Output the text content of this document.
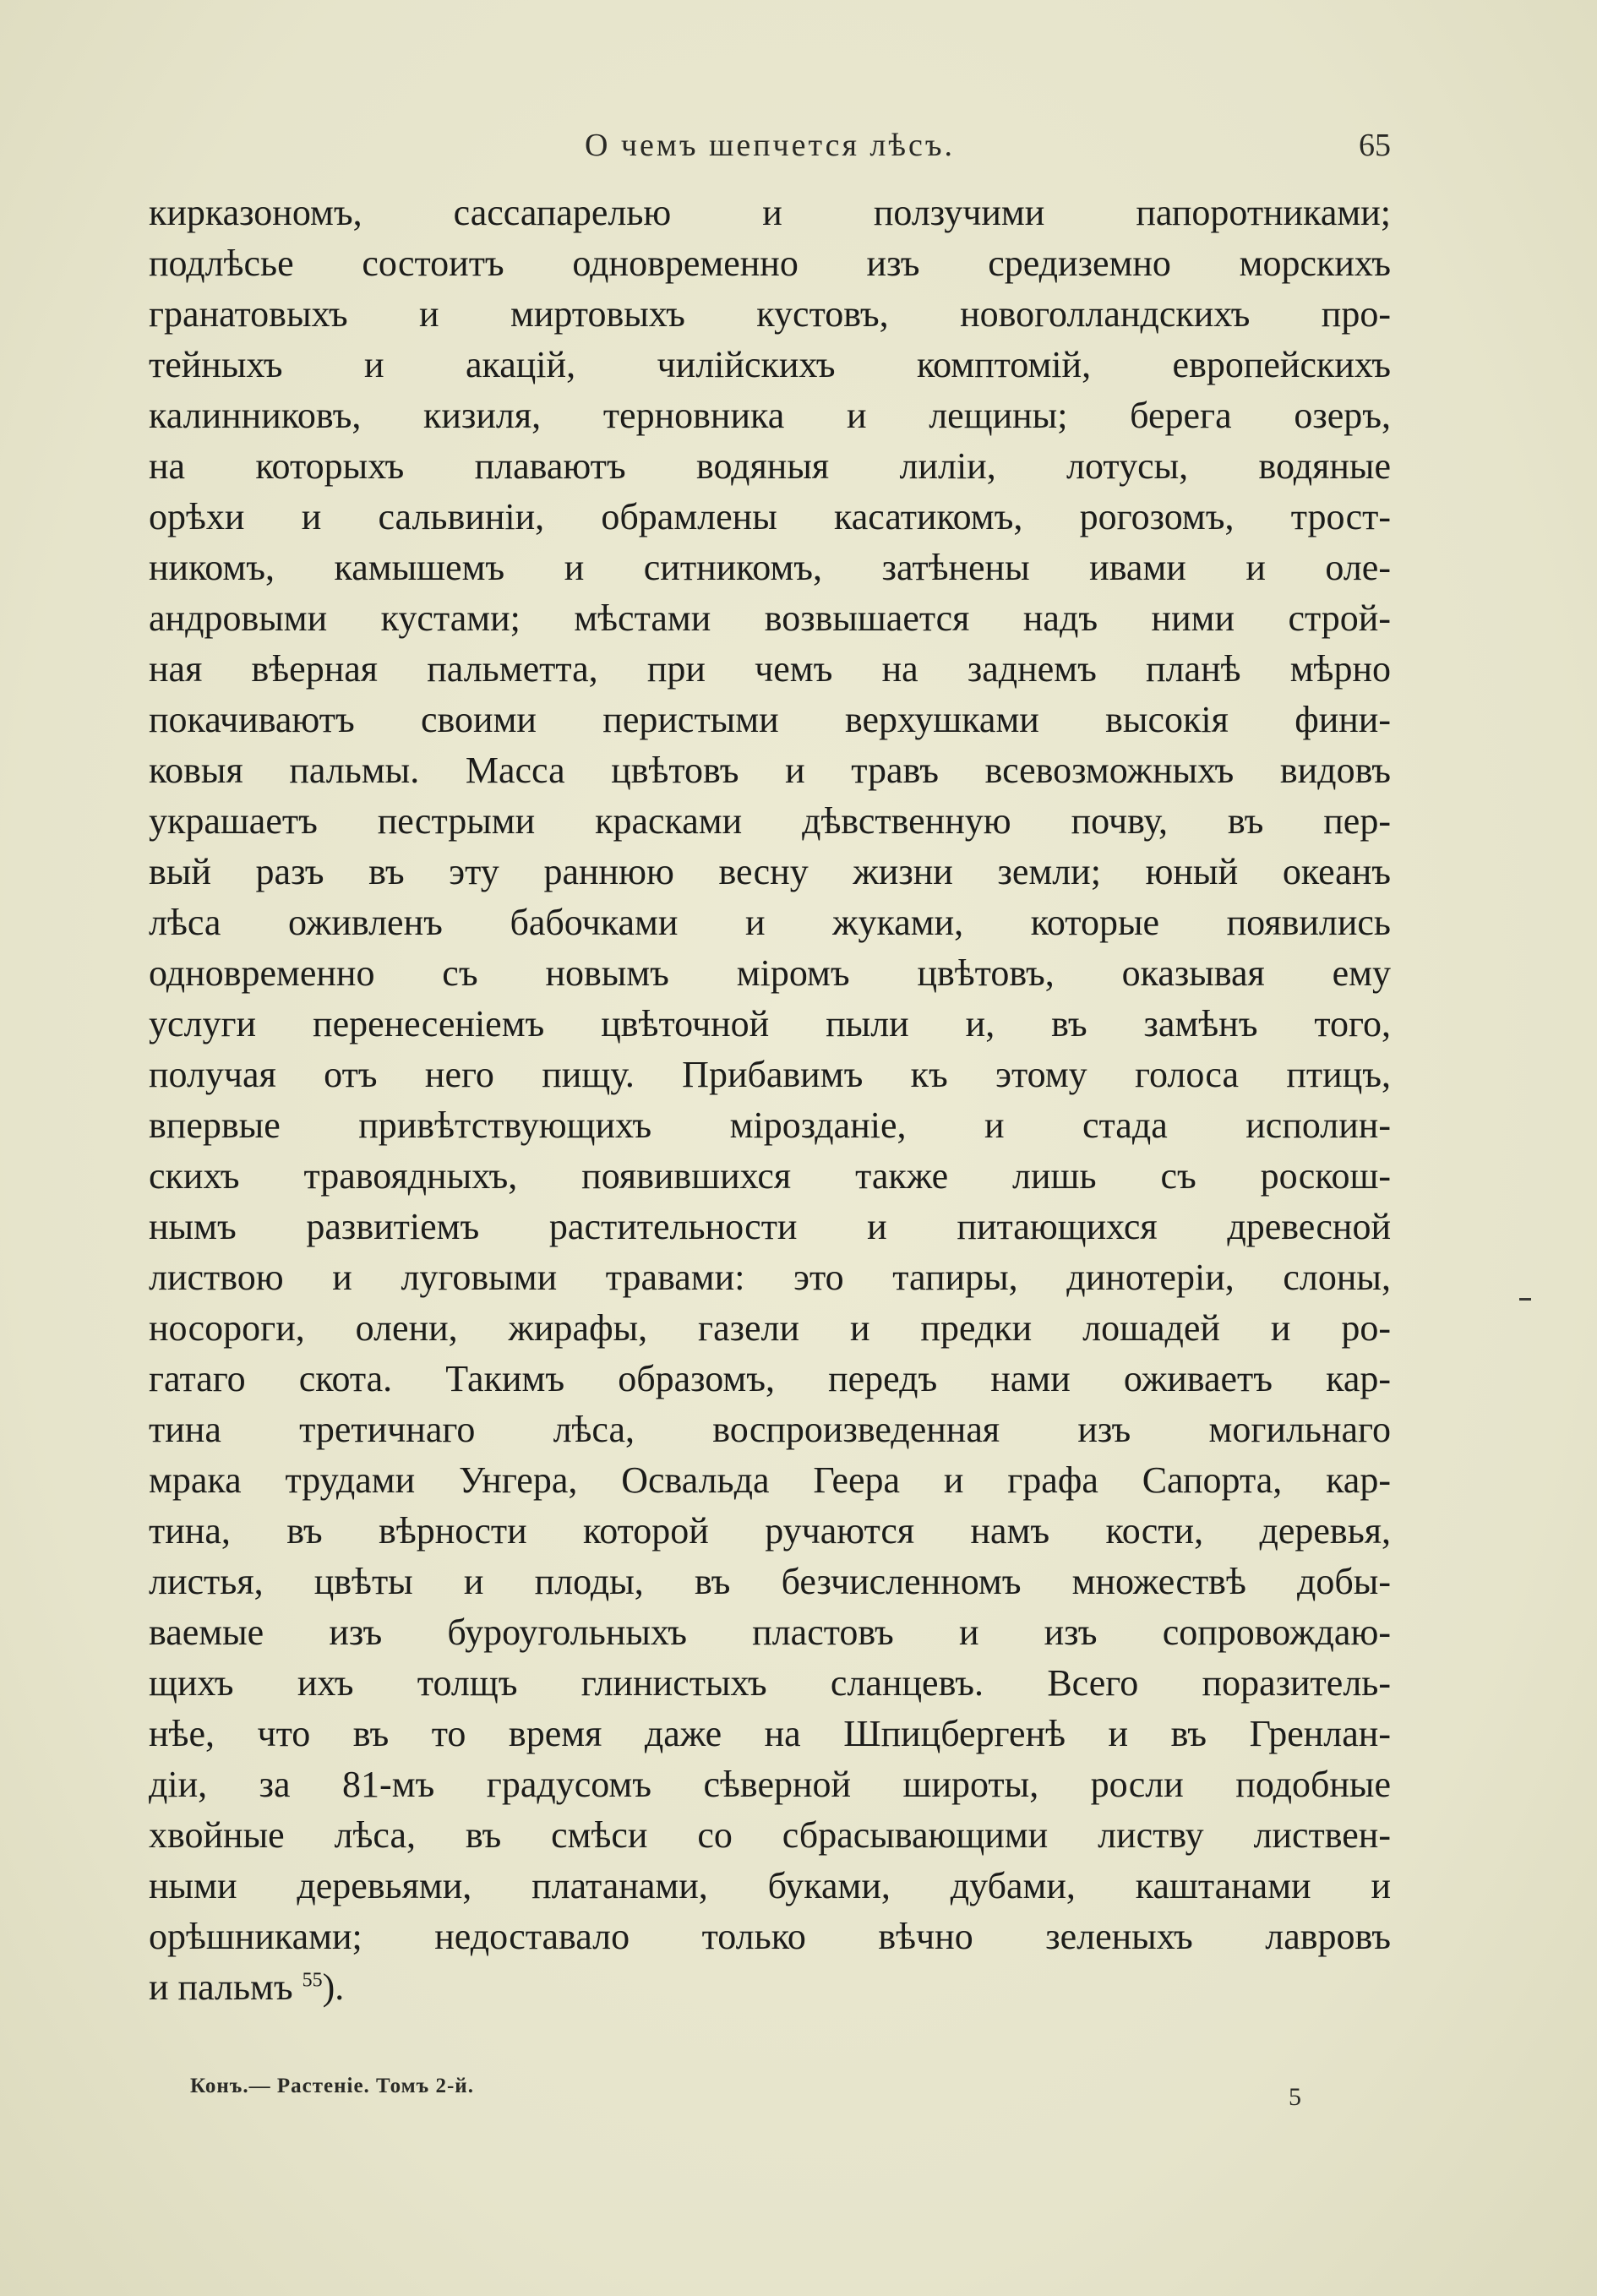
О чемъ шепчется лѣсъ.	65
кирказономъ, сассапарелью и ползучими папоротниками;
подлѣсье состоитъ одновременно изъ средиземно морскихъ
гранатовыхъ и миртовыхъ кустовъ, новоголландскихъ про-
тейныхъ и акацій, чилійскихъ комптомій, европейскихъ
калинниковъ, кизиля, терновника и лещины; берега озеръ,
на которыхъ плаваютъ водяныя лиліи, лотусы, водяные
орѣхи и сальвиніи, обрамлены касатикомъ, рогозомъ, трост-
никомъ, камышемъ и ситникомъ, затѣнены ивами и оле-
андровыми кустами; мѣстами возвышается надъ ними строй-
ная вѣерная пальметта, при чемъ на заднемъ планѣ мѣрно
покачиваютъ своими перистыми верхушками высокія фини-
ковыя пальмы. Масса цвѣтовъ и травъ всевозможныхъ видовъ
украшаетъ пестрыми красками дѣвственную почву, въ пер-
вый разъ въ эту раннюю весну жизни земли; юный океанъ
лѣса оживленъ бабочками и жуками, которые появились
одновременно съ новымъ міромъ цвѣтовъ, оказывая ему
услуги перенесеніемъ цвѣточной пыли и, въ замѣнъ того,
получая отъ него пищу. Прибавимъ къ этому голоса птицъ,
впервые привѣтствующихъ мірозданіе, и стада исполин-
скихъ травоядныхъ, появившихся также лишь съ роскош-
нымъ развитіемъ растительности и питающихся древесной
листвою и луговыми травами: это тапиры, динотеріи, слоны,
носороги, олени, жирафы, газели и предки лошадей и ро-
гатаго скота. Такимъ образомъ, передъ нами оживаетъ кар-
тина третичнаго лѣса, воспроизведенная изъ могильнаго
мрака трудами Унгера, Освальда Геера и графа Сапорта, кар-
тина, въ вѣрности которой ручаются намъ кости, деревья,
листья, цвѣты и плоды, въ безчисленномъ множествѣ добы-
ваемые изъ буроугольныхъ пластовъ и изъ сопровождаю-
щихъ ихъ толщъ глинистыхъ сланцевъ. Всего поразитель-
нѣе, что въ то время даже на Шпицбергенѣ и въ Гренлан-
діи, за 81-мъ градусомъ сѣверной широты, росли подобные
хвойные лѣса, въ смѣси со сбрасывающими листву листвен-
ными деревьями, платанами, буками, дубами, каштанами и
орѣшниками; недоставало только вѣчно зеленыхъ лавровъ
и пальмъ $^{55}$).
Конъ.— Растеніе. Томъ 2-й.	5
